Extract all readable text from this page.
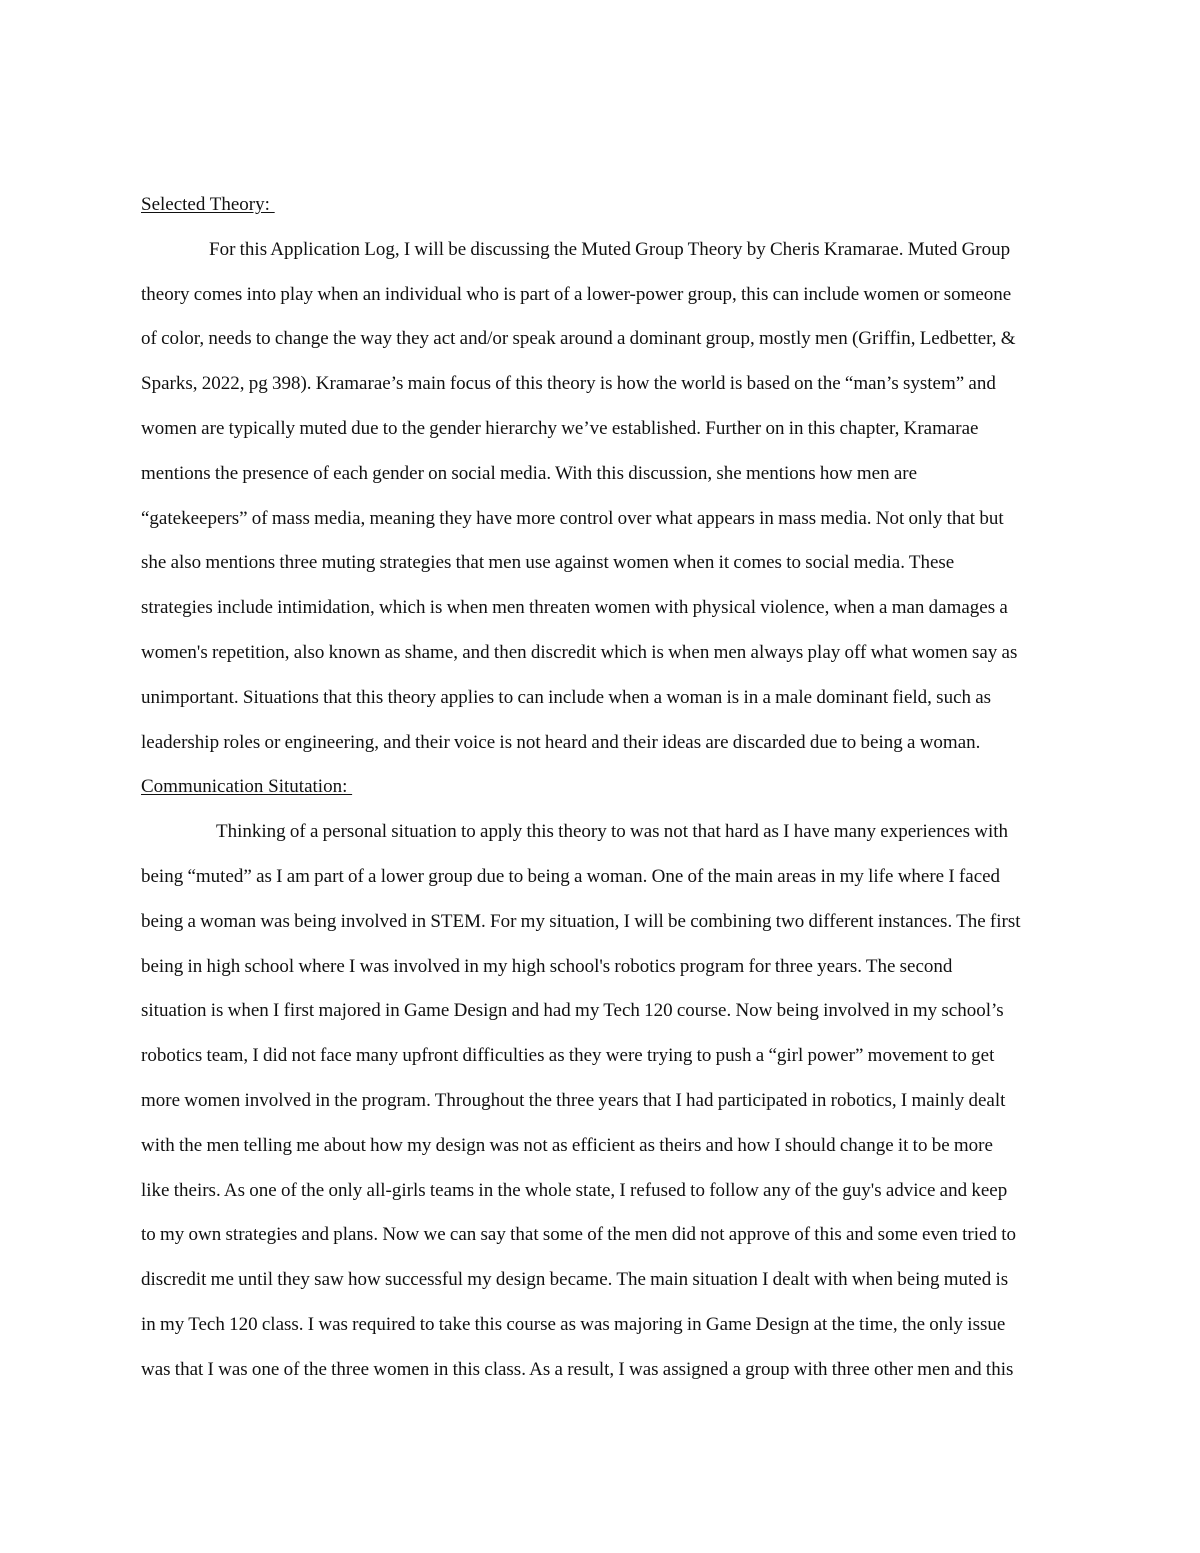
Selected Theory:
For this Application Log, I will be discussing the Muted Group Theory by Cheris Kramarae. Muted Group
theory comes into play when an individual who is part of a lower-power group, this can include women or someone
of color, needs to change the way they act and/or speak around a dominant group, mostly men (Griffin, Ledbetter, &
Sparks, 2022, pg 398). Kramarae’s main focus of this theory is how the world is based on the “man’s system” and
women are typically muted due to the gender hierarchy we’ve established. Further on in this chapter, Kramarae
mentions the presence of each gender on social media. With this discussion, she mentions how men are
“gatekeepers” of mass media, meaning they have more control over what appears in mass media. Not only that but
she also mentions three muting strategies that men use against women when it comes to social media. These
strategies include intimidation, which is when men threaten women with physical violence, when a man damages a
women's repetition, also known as shame, and then discredit which is when men always play off what women say as
unimportant. Situations that this theory applies to can include when a woman is in a male dominant field, such as
leadership roles or engineering, and their voice is not heard and their ideas are discarded due to being a woman.
Communication Situtation:
Thinking of a personal situation to apply this theory to was not that hard as I have many experiences with
being “muted” as I am part of a lower group due to being a woman. One of the main areas in my life where I faced
being a woman was being involved in STEM. For my situation, I will be combining two different instances. The first
being in high school where I was involved in my high school's robotics program for three years. The second
situation is when I first majored in Game Design and had my Tech 120 course. Now being involved in my school’s
robotics team, I did not face many upfront difficulties as they were trying to push a “girl power” movement to get
more women involved in the program. Throughout the three years that I had participated in robotics, I mainly dealt
with the men telling me about how my design was not as efficient as theirs and how I should change it to be more
like theirs. As one of the only all-girls teams in the whole state, I refused to follow any of the guy's advice and keep
to my own strategies and plans. Now we can say that some of the men did not approve of this and some even tried to
discredit me until they saw how successful my design became. The main situation I dealt with when being muted is
in my Tech 120 class. I was required to take this course as was majoring in Game Design at the time, the only issue
was that I was one of the three women in this class. As a result, I was assigned a group with three other men and this
